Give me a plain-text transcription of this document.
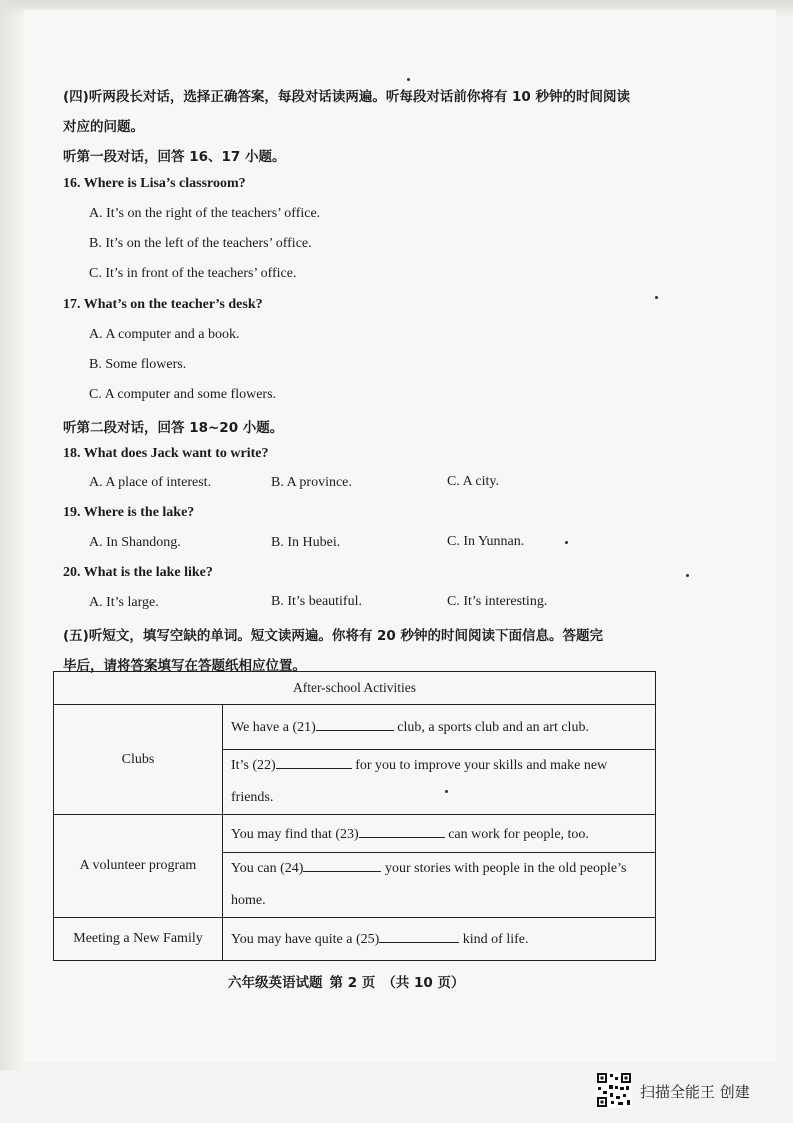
(四)听两段长对话，选择正确答案，每段对话读两遍。听每段对话前你将有 10 秒钟的时间阅读
对应的问题。
听第一段对话，回答 16、17 小题。
16. Where is Lisa’s classroom?
A. It’s on the right of the teachers’ office.
B. It’s on the left of the teachers’ office.
C. It’s in front of the teachers’ office.
17. What’s on the teacher’s desk?
A. A computer and a book.
B. Some flowers.
C. A computer and some flowers.
听第二段对话，回答 18~20 小题。
18. What does Jack want to write?
A. A place of interest.	B. A province.	C. A city.
19. Where is the lake?
A. In Shandong.	B. In Hubei.	C. In Yunnan.
20. What is the lake like?
A. It’s large.	B. It’s beautiful.	C. It’s interesting.
(五)听短文，填写空缺的单词。短文读两遍。你将有 20 秒钟的时间阅读下面信息。答题完
毕后，请将答案填写在答题纸相应位置。
After-school Activities	
Clubs	We have a (21) club, a sports club and an art club.
	It’s (22) for you to improve your skills and make new
friends.
A volunteer program	You may find that (23) can work for people, too.
	You can (24) your stories with people in the old people’s
home.
Meeting a New Family	You may have quite a (25) kind of life.
六年级英语试题 第 2 页 （共 10 页）
扫描全能王 创建
